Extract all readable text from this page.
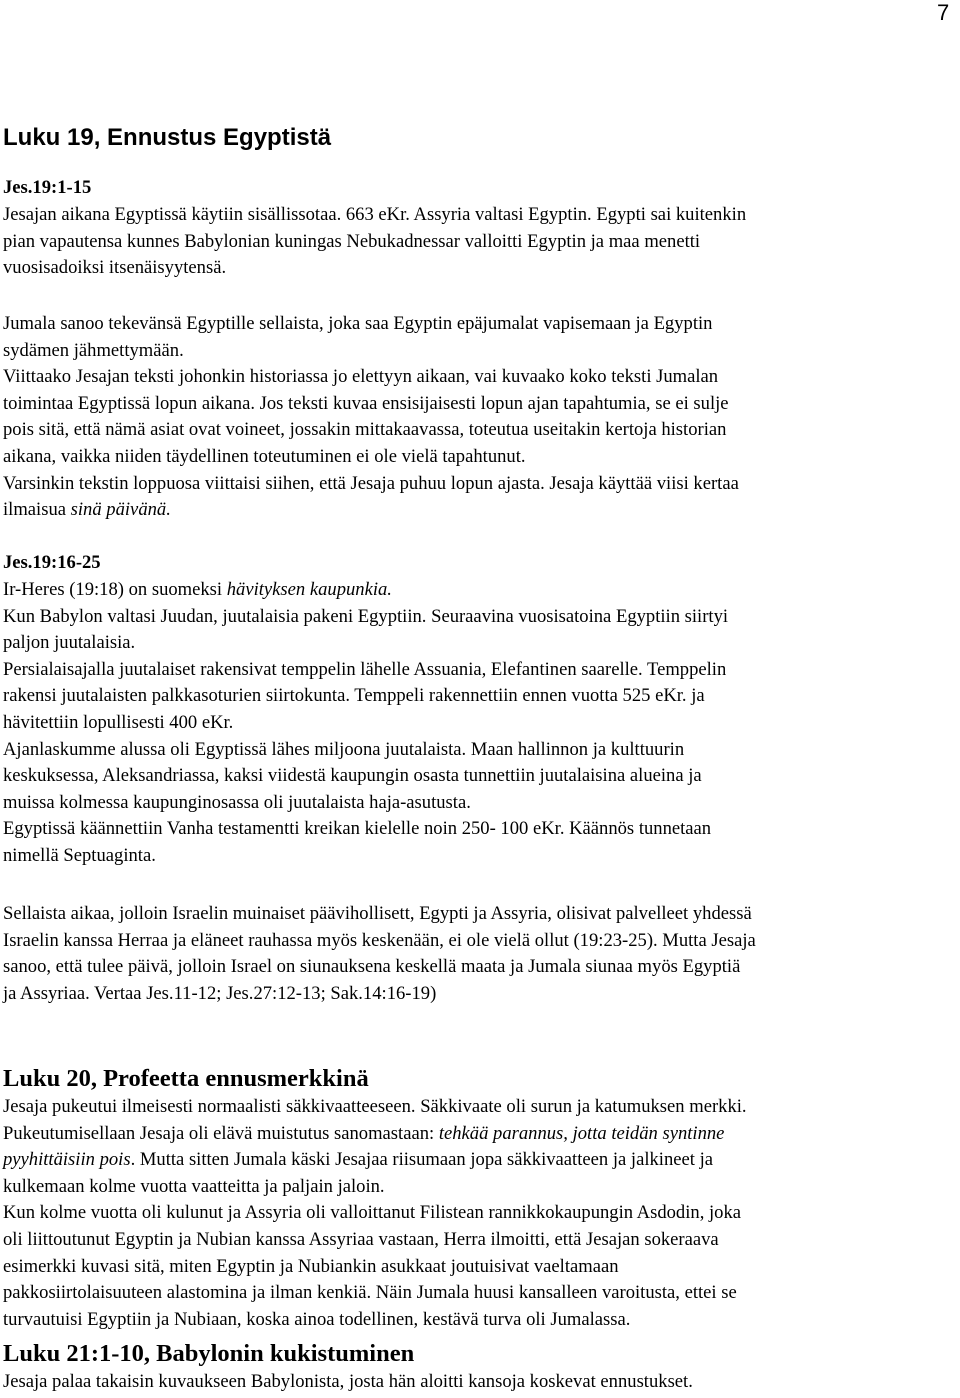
7
Luku 19, Ennustus Egyptistä
Jes.19:1-15
Jesajan aikana Egyptissä käytiin sisällissotaa. 663 eKr. Assyria valtasi Egyptin. Egypti sai kuitenkin
pian vapautensa kunnes Babylonian kuningas Nebukadnessar valloitti Egyptin ja maa menetti
vuosisadoiksi itsenäisyytensä.
Jumala sanoo tekevänsä Egyptille sellaista, joka saa Egyptin epäjumalat vapisemaan ja Egyptin
sydämen jähmettymään.
Viittaako Jesajan teksti johonkin historiassa jo elettyyn aikaan, vai kuvaako koko teksti Jumalan
toimintaa Egyptissä lopun aikana. Jos teksti kuvaa ensisijaisesti lopun ajan tapahtumia, se ei sulje
pois sitä, että nämä asiat ovat voineet, jossakin mittakaavassa, toteutua useitakin kertoja historian
aikana, vaikka niiden täydellinen toteutuminen ei ole vielä tapahtunut.
Varsinkin tekstin loppuosa viittaisi siihen, että Jesaja puhuu lopun ajasta. Jesaja käyttää viisi kertaa
ilmaisua sinä päivänä.
Jes.19:16-25
Ir-Heres (19:18) on suomeksi hävityksen kaupunkia.
Kun Babylon valtasi Juudan, juutalaisia pakeni Egyptiin. Seuraavina vuosisatoina Egyptiin siirtyi
paljon juutalaisia.
Persialaisajalla juutalaiset rakensivat temppelin lähelle Assuania, Elefantinen saarelle. Temppelin
rakensi juutalaisten palkkasoturien siirtokunta. Temppeli rakennettiin ennen vuotta 525 eKr. ja
hävitettiin lopullisesti 400 eKr.
Ajanlaskumme alussa oli Egyptissä lähes miljoona juutalaista. Maan hallinnon ja kulttuurin
keskuksessa, Aleksandriassa, kaksi viidestä kaupungin osasta tunnettiin juutalaisina alueina ja
muissa kolmessa kaupunginosassa oli juutalaista haja-asutusta.
Egyptissä käännettiin Vanha testamentti kreikan kielelle noin 250- 100 eKr. Käännös tunnetaan
nimellä Septuaginta.
Sellaista aikaa, jolloin Israelin muinaiset päävihollisett, Egypti ja Assyria, olisivat palvelleet yhdessä
Israelin kanssa Herraa ja eläneet rauhassa myös keskenään, ei ole vielä ollut (19:23-25). Mutta Jesaja
sanoo, että tulee päivä, jolloin Israel on siunauksena keskellä maata ja Jumala siunaa myös Egyptiä
ja Assyriaa. Vertaa Jes.11-12; Jes.27:12-13; Sak.14:16-19)
Luku 20, Profeetta ennusmerkkinä
Jesaja pukeutui ilmeisesti normaalisti säkkivaatteeseen. Säkkivaate oli surun ja katumuksen merkki.
Pukeutumisellaan Jesaja oli elävä muistutus sanomastaan: tehkää parannus, jotta teidän syntinne
pyyhittäisiin pois. Mutta sitten Jumala käski Jesajaa riisumaan jopa säkkivaatteen ja jalkineet ja
kulkemaan kolme vuotta vaatteitta ja paljain jaloin.
Kun kolme vuotta oli kulunut ja Assyria oli valloittanut Filistean rannikkokaupungin Asdodin, joka
oli liittoutunut Egyptin ja Nubian kanssa Assyriaa vastaan, Herra ilmoitti, että Jesajan sokeraava
esimerkki kuvasi sitä, miten Egyptin ja Nubiankin asukkaat joutuisivat vaeltamaan
pakkosiirtolaisuuteen alastomina ja ilman kenkiä. Näin Jumala huusi kansalleen varoitusta, ettei se
turvautuisi Egyptiin ja Nubiaan, koska ainoa todellinen, kestävä turva oli Jumalassa.
Luku 21:1-10, Babylonin kukistuminen
Jesaja palaa takaisin kuvaukseen Babylonista, josta hän aloitti kansoja koskevat ennustukset.
